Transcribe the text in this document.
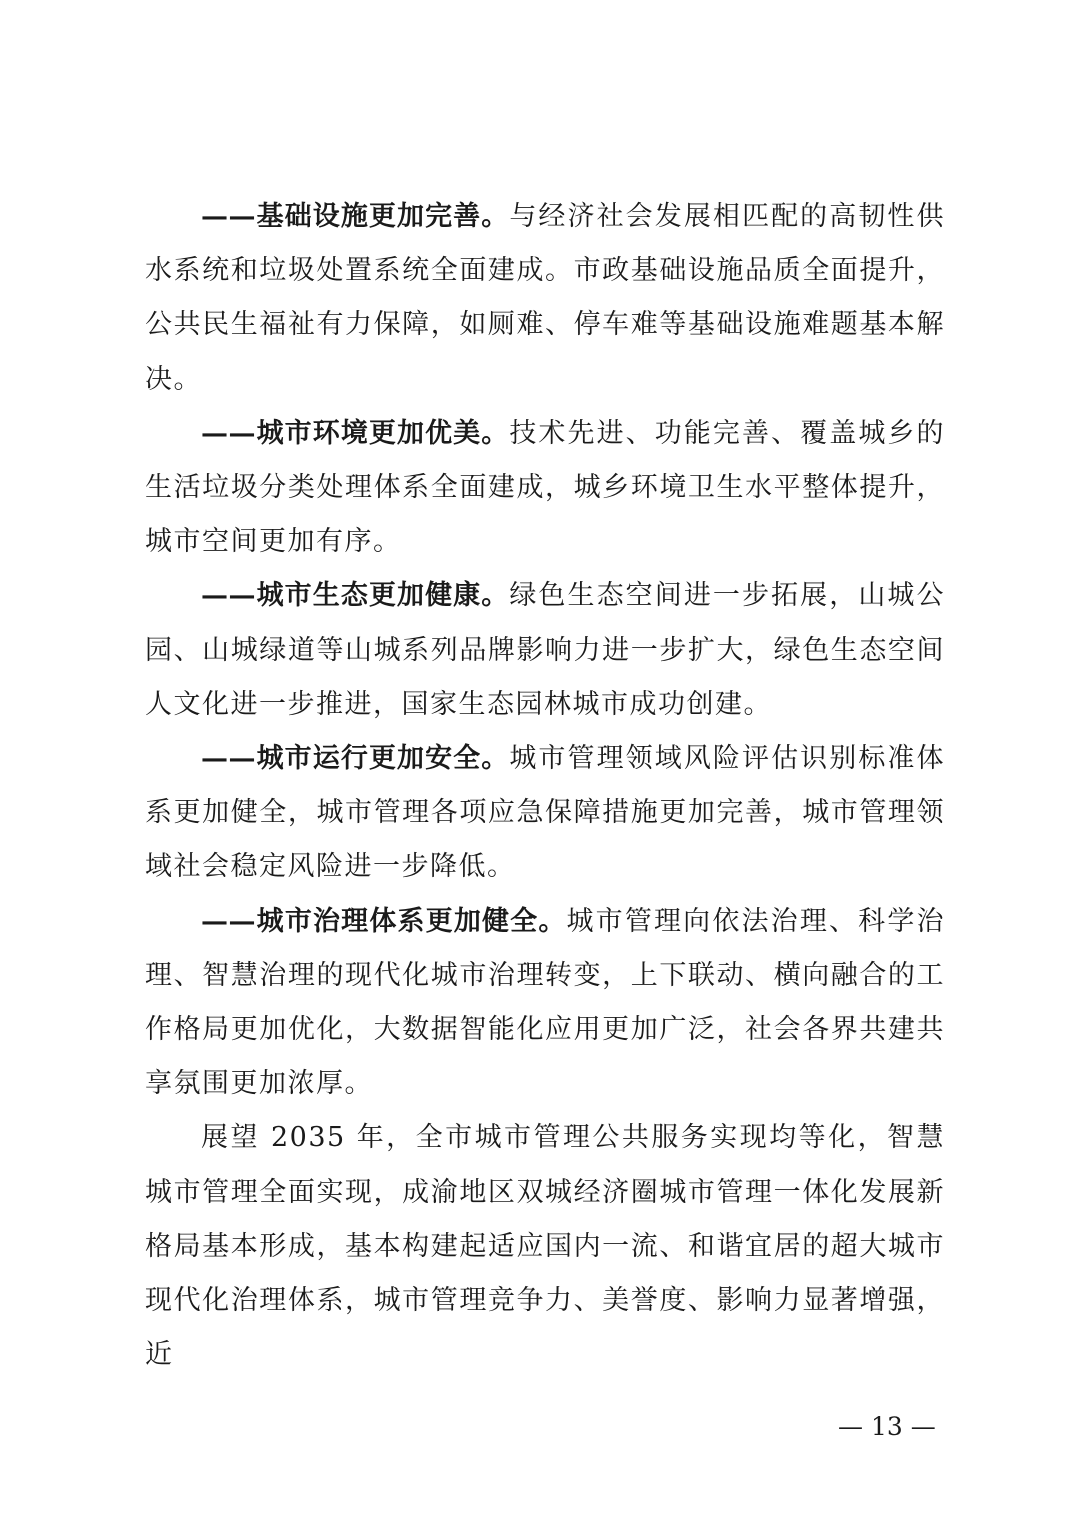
——基础设施更加完善。与经济社会发展相匹配的高韧性供水系统和垃圾处置系统全面建成。市政基础设施品质全面提升，公共民生福祉有力保障，如厕难、停车难等基础设施难题基本解决。

——城市环境更加优美。技术先进、功能完善、覆盖城乡的生活垃圾分类处理体系全面建成，城乡环境卫生水平整体提升，城市空间更加有序。

——城市生态更加健康。绿色生态空间进一步拓展，山城公园、山城绿道等山城系列品牌影响力进一步扩大，绿色生态空间人文化进一步推进，国家生态园林城市成功创建。

——城市运行更加安全。城市管理领域风险评估识别标准体系更加健全，城市管理各项应急保障措施更加完善，城市管理领域社会稳定风险进一步降低。

——城市治理体系更加健全。城市管理向依法治理、科学治理、智慧治理的现代化城市治理转变，上下联动、横向融合的工作格局更加优化，大数据智能化应用更加广泛，社会各界共建共享氛围更加浓厚。

展望 2035 年，全市城市管理公共服务实现均等化，智慧城市管理全面实现，成渝地区双城经济圈城市管理一体化发展新格局基本形成，基本构建起适应国内一流、和谐宜居的超大城市现代化治理体系，城市管理竞争力、美誉度、影响力显著增强，近

— 13 —
